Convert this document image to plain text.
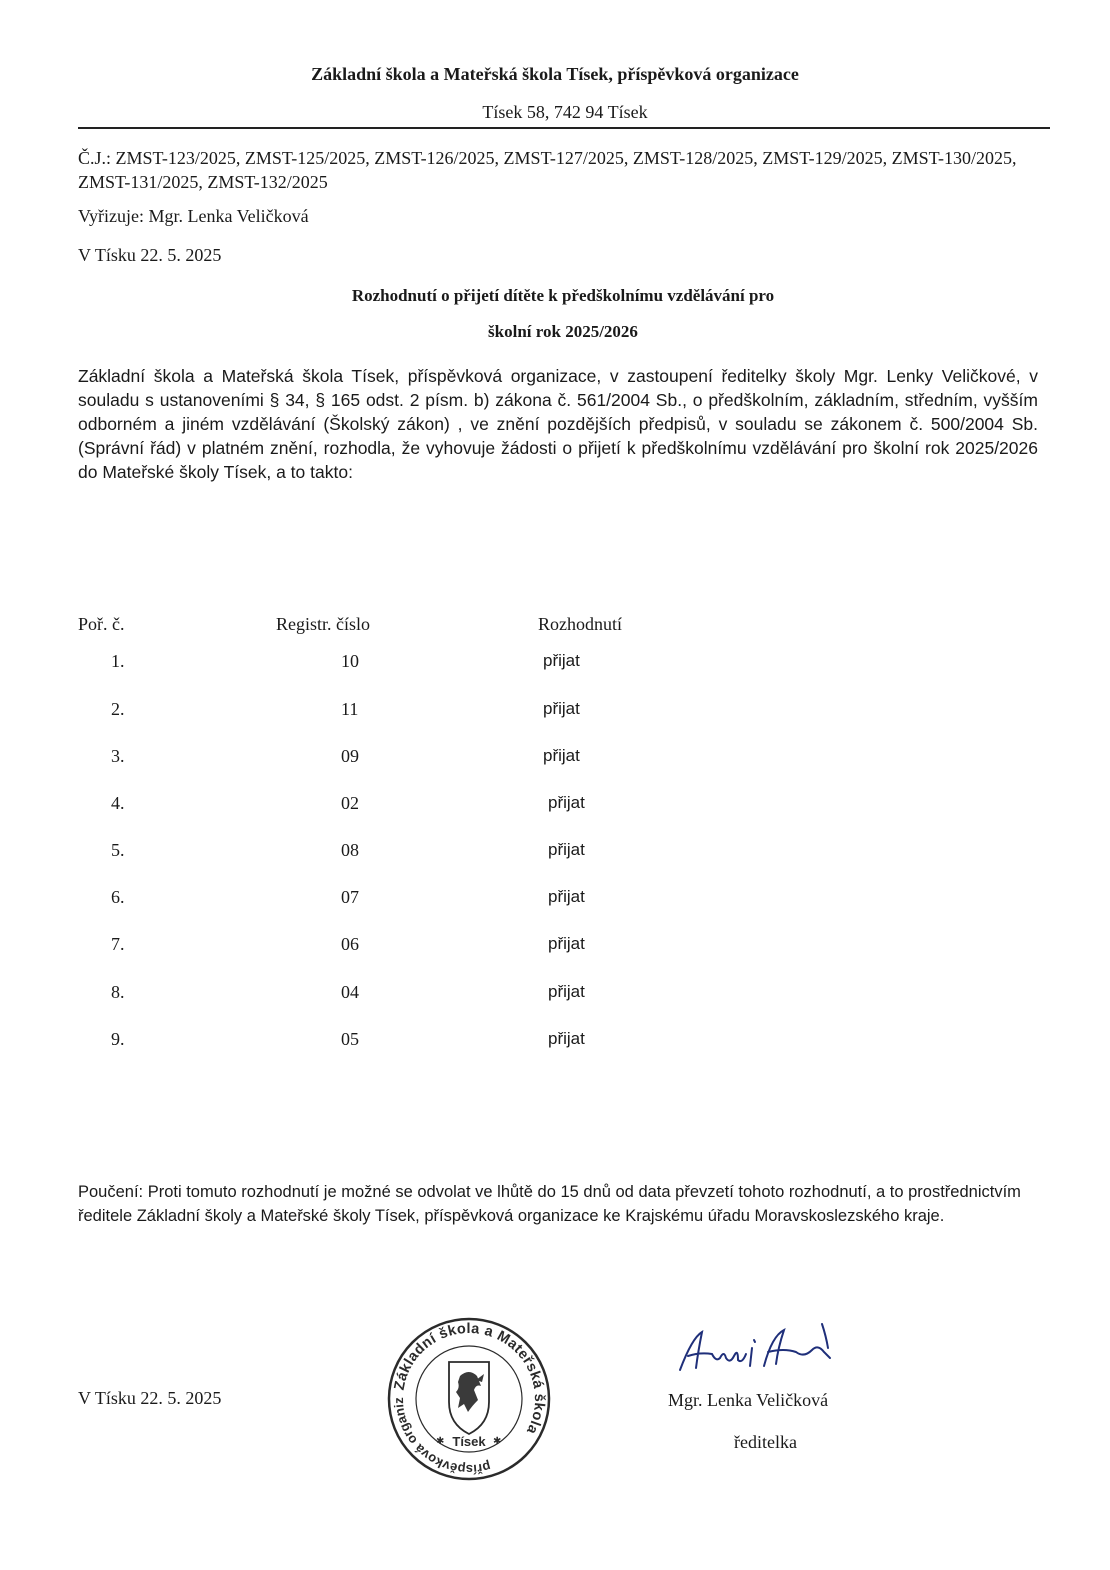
Základní škola a Mateřská škola Tísek, příspěvková organizace
Tísek 58, 742 94 Tísek
Č.J.: ZMST-123/2025, ZMST-125/2025, ZMST-126/2025, ZMST-127/2025, ZMST-128/2025, ZMST-129/2025, ZMST-130/2025, ZMST-131/2025, ZMST-132/2025
Vyřizuje: Mgr. Lenka Veličková
V Tísku 22. 5. 2025
Rozhodnutí o přijetí dítěte k předškolnímu vzdělávání pro
školní rok 2025/2026
Základní škola a Mateřská škola Tísek, příspěvková organizace, v zastoupení ředitelky školy Mgr. Lenky Veličkové, v souladu s ustanoveními § 34, § 165 odst. 2 písm. b) zákona č. 561/2004 Sb., o předškolním, základním, středním, vyšším odborném a jiném vzdělávání (Školský zákon) , ve znění pozdějších předpisů, v souladu se zákonem č. 500/2004 Sb.(Správní řád) v platném znění, rozhodla, že vyhovuje žádosti o přijetí k předškolnímu vzdělávání pro školní rok 2025/2026 do Mateřské školy Tísek, a to takto:
Poř. č.	Registr. číslo	Rozhodnutí
1.	10	přijat
2.	11	přijat
3.	09	přijat
4.	02	přijat
5.	08	přijat
6.	07	přijat
7.	06	přijat
8.	04	přijat
9.	05	přijat
Poučení: Proti tomuto rozhodnutí je možné se odvolat ve lhůtě do 15 dnů od data převzetí tohoto rozhodnutí, a to prostřednictvím ředitele Základní školy a Mateřské školy Tísek, příspěvková organizace ke Krajskému úřadu Moravskoslezského kraje.
V Tísku 22. 5. 2025
Základní škola a Mateřská škola
příspěvková organiz
Tísek
✱	✱
Mgr. Lenka Veličková
ředitelka
